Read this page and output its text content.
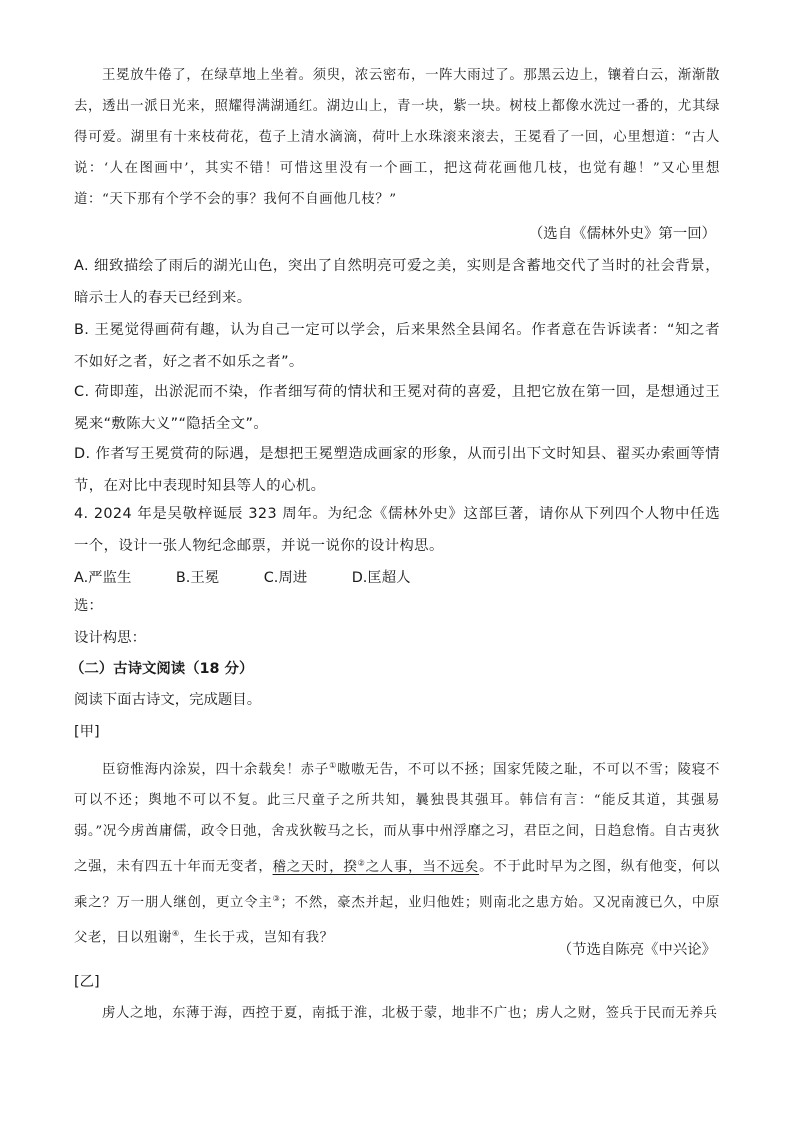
王冕放牛倦了，在绿草地上坐着。须臾，浓云密布，一阵大雨过了。那黑云边上，镶着白云，渐渐散去，透出一派日光来，照耀得满湖通红。湖边山上，青一块，紫一块。树枝上都像水洗过一番的，尤其绿得可爱。湖里有十来枝荷花，苞子上清水滴滴，荷叶上水珠滚来滚去，王冕看了一回，心里想道：“古人说：‘人在图画中’，其实不错！可惜这里没有一个画工，把这荷花画他几枝，也觉有趣！”又心里想道：“天下那有个学不会的事？我何不自画他几枝？”

（选自《儒林外史》第一回）
A. 细致描绘了雨后的湖光山色，突出了自然明亮可爱之美，实则是含蓄地交代了当时的社会背景，暗示士人的春天已经到来。
B. 王冕觉得画荷有趣，认为自己一定可以学会，后来果然全县闻名。作者意在告诉读者：“知之者不如好之者，好之者不如乐之者”。
C. 荷即莲，出淤泥而不染，作者细写荷的情状和王冕对荷的喜爱，且把它放在第一回，是想通过王冕来“敷陈大义”“隐括全文”。
D. 作者写王冕赏荷的际遇，是想把王冕塑造成画家的形象，从而引出下文时知县、翟买办索画等情节，在对比中表现时知县等人的心机。
4. 2024 年是吴敬梓诞辰 323 周年。为纪念《儒林外史》这部巨著，请你从下列四个人物中任选一个，设计一张人物纪念邮票，并说一说你的设计构思。
A.严监生	B.王冕	C.周进	D.匡超人
选：
设计构思：
（二）古诗文阅读（18 分）
阅读下面古诗文，完成题目。
[甲]

臣窃惟海内涂炭，四十余载矣！赤子①嗷嗷无告，不可以不拯；国家凭陵之耻，不可以不雪；陵寝不可以不还；舆地不可以不复。此三尺童子之所共知，曩独畏其强耳。韩信有言：“能反其道，其强易弱。”况今虏酋庸儒，政令日弛，舍戎狄鞍马之长，而从事中州浮靡之习，君臣之间，日趋怠惰。自古夷狄之强，未有四五十年而无变者，稽之天时，揆②之人事，当不远矣。不于此时早为之图，纵有他变，何以乘之？万一朋人继创，更立令主③；不然，豪杰并起，业归他姓；则南北之患方始。又况南渡已久，中原父老，日以殂谢④，生长于戎，岂知有我？

（节选自陈亮《中兴论》
[乙]

虏人之地，东薄于海，西控于夏，南抵于淮，北极于蒙，地非不广也；虏人之财，签兵于民而无养兵
